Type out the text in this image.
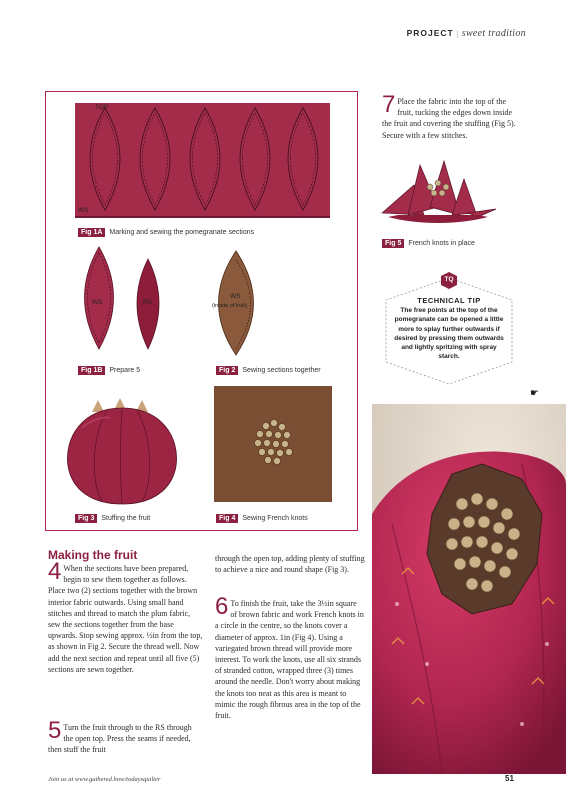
PROJECT | sweet tradition
TOP
WS
Fig 1A	Marking and sewing the pomegranate sections
WS	RS
Fig 1B	Prepare 5
WS
(inside of fruit)
Fig 2	Sewing sections together
Fig 3	Stuffing the fruit	Fig 4	Sewing French knots

7 Place the fabric into the top of the fruit, tucking the edges down inside the fruit and covering the stuffing (Fig 5). Secure with a few stitches.

Fig 5	French knots in place
TQ
TECHNICAL TIP
The free points at the top of the pomegranate can be opened a little more to splay further outwards if desired by pressing them outwards and lightly spritzing with spray starch.
☛
Making the fruit

4 When the sections have been prepared, begin to sew them together as follows. Place two (2) sections together with the brown interior fabric outwards. Using small hand stitches and thread to match the plum fabric, sew the sections together from the base upwards. Stop sewing approx. ½in from the top, as shown in Fig 2. Secure the thread well. Now add the next section and repeat until all five (5) sections are sewn together.

5 Turn the fruit through to the RS through the open top. Press the seams if needed, then stuff the fruit

through the open top, adding plenty of stuffing to achieve a nice and round shape (Fig 3).

6 To finish the fruit, take the 3½in square of brown fabric and work French knots in a circle in the centre, so the knots cover a diameter of approx. 1in (Fig 4). Using a variegated brown thread will provide more interest. To work the knots, use all six strands of stranded cotton, wrapped three (3) times around the needle. Don't worry about making the knots too neat as this area is meant to mimic the rough fibrous area in the top of the fruit.

Join us at www.gathered.how/todaysquilter	51
PassionForum.ru
